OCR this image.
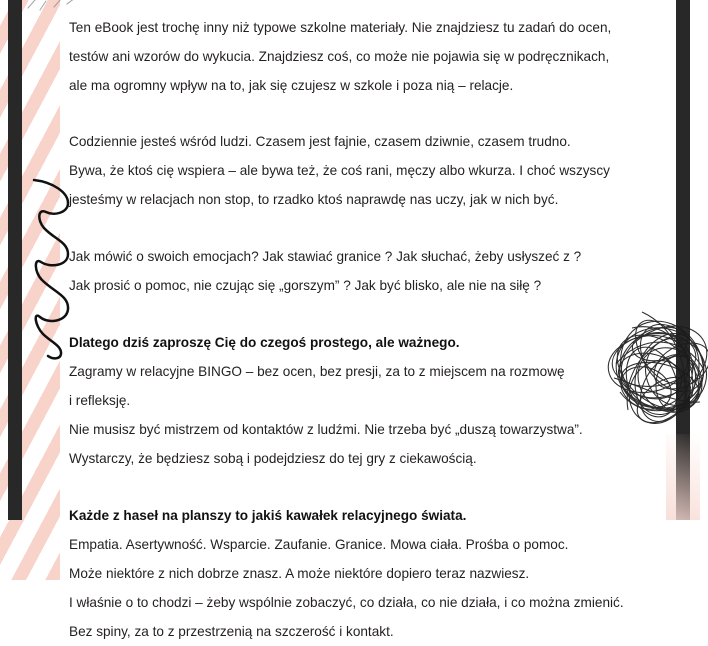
Ten eBook jest trochę inny niż typowe szkolne materiały. Nie znajdziesz tu zadań do ocen,
testów ani wzorów do wykucia. Znajdziesz coś, co może nie pojawia się w podręcznikach,
ale ma ogromny wpływ na to, jak się czujesz w szkole i poza nią – relacje.

Codziennie jesteś wśród ludzi. Czasem jest fajnie, czasem dziwnie, czasem trudno.
Bywa, że ktoś cię wspiera – ale bywa też, że coś rani, męczy albo wkurza. I choć wszyscy
jesteśmy w relacjach non stop, to rzadko ktoś naprawdę nas uczy, jak w nich być.

Jak mówić o swoich emocjach? Jak stawiać granice ? Jak słuchać, żeby usłyszeć z ?
Jak prosić o pomoc, nie czując się „gorszym” ? Jak być blisko, ale nie na siłę ?

Dlatego dziś zaproszę Cię do czegoś prostego, ale ważnego.

Zagramy w relacyjne BINGO – bez ocen, bez presji, za to z miejscem na rozmowę
i refleksję.
Nie musisz być mistrzem od kontaktów z ludźmi. Nie trzeba być „duszą towarzystwa”.
Wystarczy, że będziesz sobą i podejdziesz do tej gry z ciekawością.

Każde z haseł na planszy to jakiś kawałek relacyjnego świata.

Empatia. Asertywność. Wsparcie. Zaufanie. Granice. Mowa ciała. Prośba o pomoc.
Może niektóre z nich dobrze znasz. A może niektóre dopiero teraz nazwiesz.
I właśnie o to chodzi – żeby wspólnie zobaczyć, co działa, co nie działa, i co można zmienić.
Bez spiny, za to z przestrzenią na szczerość i kontakt.
